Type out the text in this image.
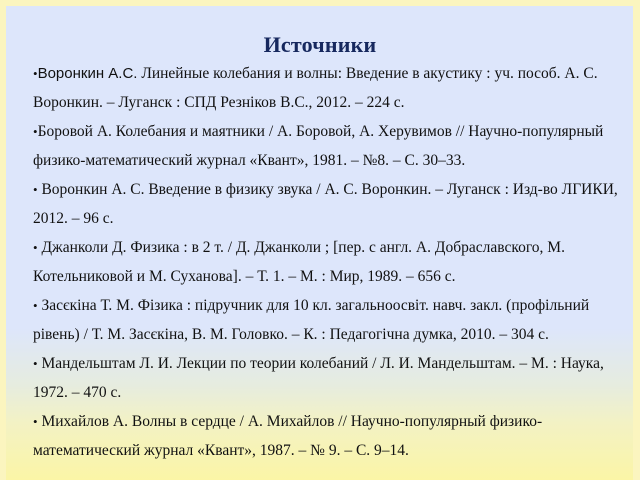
Источники
•Воронкин А.С. Линейные колебания и волны: Введение в акустику : уч. пособ. А. С. Воронкин. – Луганск : СПД Резніков В.С., 2012. – 224 с.
•Боровой А. Колебания и маятники / А. Боровой, А. Херувимов // Научно-популярный физико-математический журнал «Квант», 1981. – №8. – С. 30–33.
• Воронкин А. С. Введение в физику звука / А. С. Воронкин. – Луганск : Изд-во ЛГИКИ, 2012. – 96 с.
• Джанколи Д. Физика : в 2 т. / Д. Джанколи ; [пер. с англ. А. Добраславского, М. Котельниковой и М. Суханова]. – Т. 1. – М. : Мир, 1989. – 656 с.
• Засєкіна Т. М. Фізика : підручник для 10 кл. загальноосвіт. навч. закл. (профільний рівень) / Т. М. Засєкіна, В. М. Головко. – К. : Педагогічна думка, 2010. – 304 с.
• Мандельштам Л. И. Лекции по теории колебаний / Л. И. Мандельштам. – М. : Наука, 1972. – 470 с.
• Михайлов А. Волны в сердце / А. Михайлов // Научно-популярный физико-математический журнал «Квант», 1987. – № 9. – С. 9–14.
